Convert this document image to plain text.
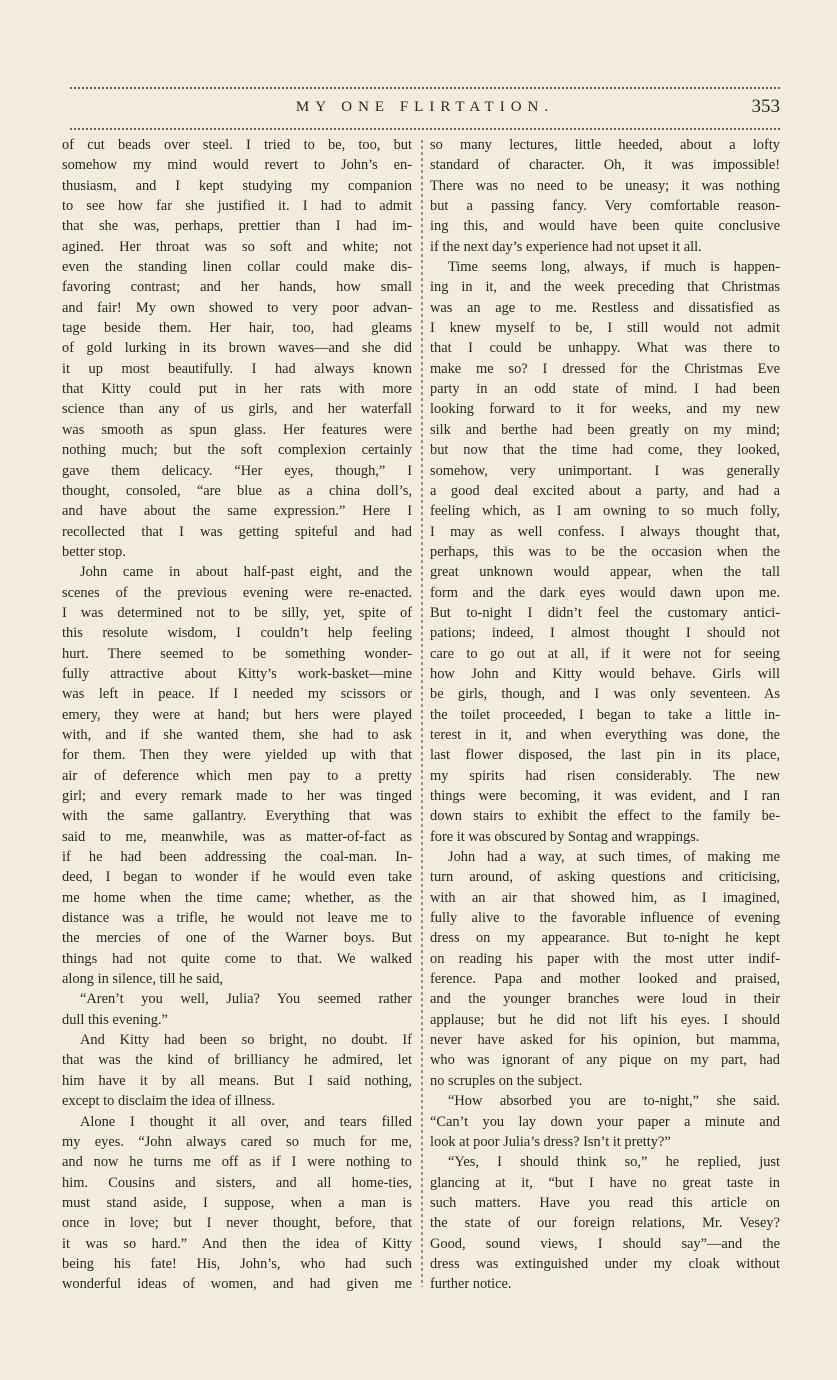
MY ONE FLIRTATION.	353
of cut beads over steel. I tried to be, too, but
somehow my mind would revert to John’s en-
thusiasm, and I kept studying my companion
to see how far she justified it. I had to admit
that she was, perhaps, prettier than I had im-
agined. Her throat was so soft and white; not
even the standing linen collar could make dis-
favoring contrast; and her hands, how small
and fair! My own showed to very poor advan-
tage beside them. Her hair, too, had gleams
of gold lurking in its brown waves—and she did
it up most beautifully. I had always known
that Kitty could put in her rats with more
science than any of us girls, and her waterfall
was smooth as spun glass. Her features were
nothing much; but the soft complexion certainly
gave them delicacy. “Her eyes, though,” I
thought, consoled, “are blue as a china doll’s,
and have about the same expression.” Here I
recollected that I was getting spiteful and had
better stop.
John came in about half-past eight, and the
scenes of the previous evening were re-enacted.
I was determined not to be silly, yet, spite of
this resolute wisdom, I couldn’t help feeling
hurt. There seemed to be something wonder-
fully attractive about Kitty’s work-basket—mine
was left in peace. If I needed my scissors or
emery, they were at hand; but hers were played
with, and if she wanted them, she had to ask
for them. Then they were yielded up with that
air of deference which men pay to a pretty
girl; and every remark made to her was tinged
with the same gallantry. Everything that was
said to me, meanwhile, was as matter-of-fact as
if he had been addressing the coal-man. In-
deed, I began to wonder if he would even take
me home when the time came; whether, as the
distance was a trifle, he would not leave me to
the mercies of one of the Warner boys. But
things had not quite come to that. We walked
along in silence, till he said,
“Aren’t you well, Julia? You seemed rather
dull this evening.”
And Kitty had been so bright, no doubt. If
that was the kind of brilliancy he admired, let
him have it by all means. But I said nothing,
except to disclaim the idea of illness.
Alone I thought it all over, and tears filled
my eyes. “John always cared so much for me,
and now he turns me off as if I were nothing to
him. Cousins and sisters, and all home-ties,
must stand aside, I suppose, when a man is
once in love; but I never thought, before, that
it was so hard.” And then the idea of Kitty
being his fate! His, John’s, who had such
wonderful ideas of women, and had given me
so many lectures, little heeded, about a lofty
standard of character. Oh, it was impossible!
There was no need to be uneasy; it was nothing
but a passing fancy. Very comfortable reason-
ing this, and would have been quite conclusive
if the next day’s experience had not upset it all.
Time seems long, always, if much is happen-
ing in it, and the week preceding that Christmas
was an age to me. Restless and dissatisfied as
I knew myself to be, I still would not admit
that I could be unhappy. What was there to
make me so? I dressed for the Christmas Eve
party in an odd state of mind. I had been
looking forward to it for weeks, and my new
silk and berthe had been greatly on my mind;
but now that the time had come, they looked,
somehow, very unimportant. I was generally
a good deal excited about a party, and had a
feeling which, as I am owning to so much folly,
I may as well confess. I always thought that,
perhaps, this was to be the occasion when the
great unknown would appear, when the tall
form and the dark eyes would dawn upon me.
But to-night I didn’t feel the customary antici-
pations; indeed, I almost thought I should not
care to go out at all, if it were not for seeing
how John and Kitty would behave. Girls will
be girls, though, and I was only seventeen. As
the toilet proceeded, I began to take a little in-
terest in it, and when everything was done, the
last flower disposed, the last pin in its place,
my spirits had risen considerably. The new
things were becoming, it was evident, and I ran
down stairs to exhibit the effect to the family be-
fore it was obscured by Sontag and wrappings.
John had a way, at such times, of making me
turn around, of asking questions and criticising,
with an air that showed him, as I imagined,
fully alive to the favorable influence of evening
dress on my appearance. But to-night he kept
on reading his paper with the most utter indif-
ference. Papa and mother looked and praised,
and the younger branches were loud in their
applause; but he did not lift his eyes. I should
never have asked for his opinion, but mamma,
who was ignorant of any pique on my part, had
no scruples on the subject.
“How absorbed you are to-night,” she said.
“Can’t you lay down your paper a minute and
look at poor Julia’s dress? Isn’t it pretty?”
“Yes, I should think so,” he replied, just
glancing at it, “but I have no great taste in
such matters. Have you read this article on
the state of our foreign relations, Mr. Vesey?
Good, sound views, I should say”—and the
dress was extinguished under my cloak without
further notice.
